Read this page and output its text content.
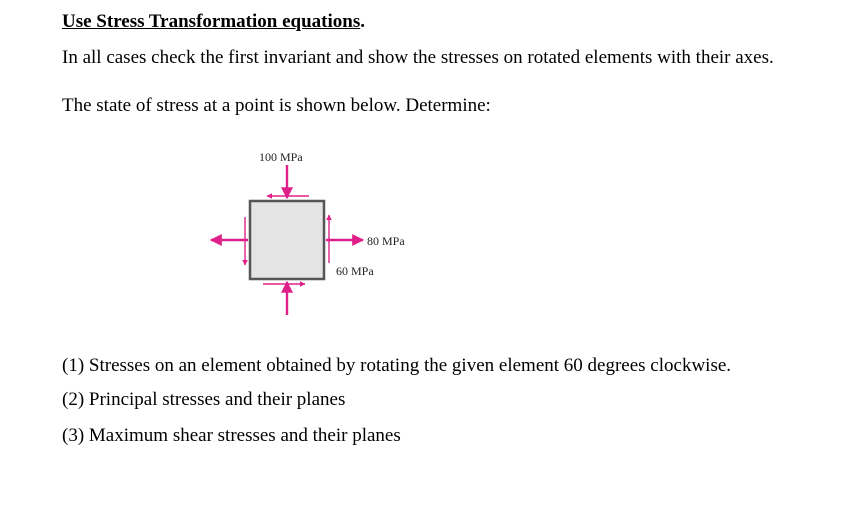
Use Stress Transformation equations.
In all cases check the first invariant and show the stresses on rotated elements with their axes.
The state of stress at a point is shown below. Determine:
100 MPa
80 MPa
60 MPa
(1) Stresses on an element obtained by rotating the given element 60 degrees clockwise.
(2) Principal stresses and their planes
(3) Maximum shear stresses and their planes
